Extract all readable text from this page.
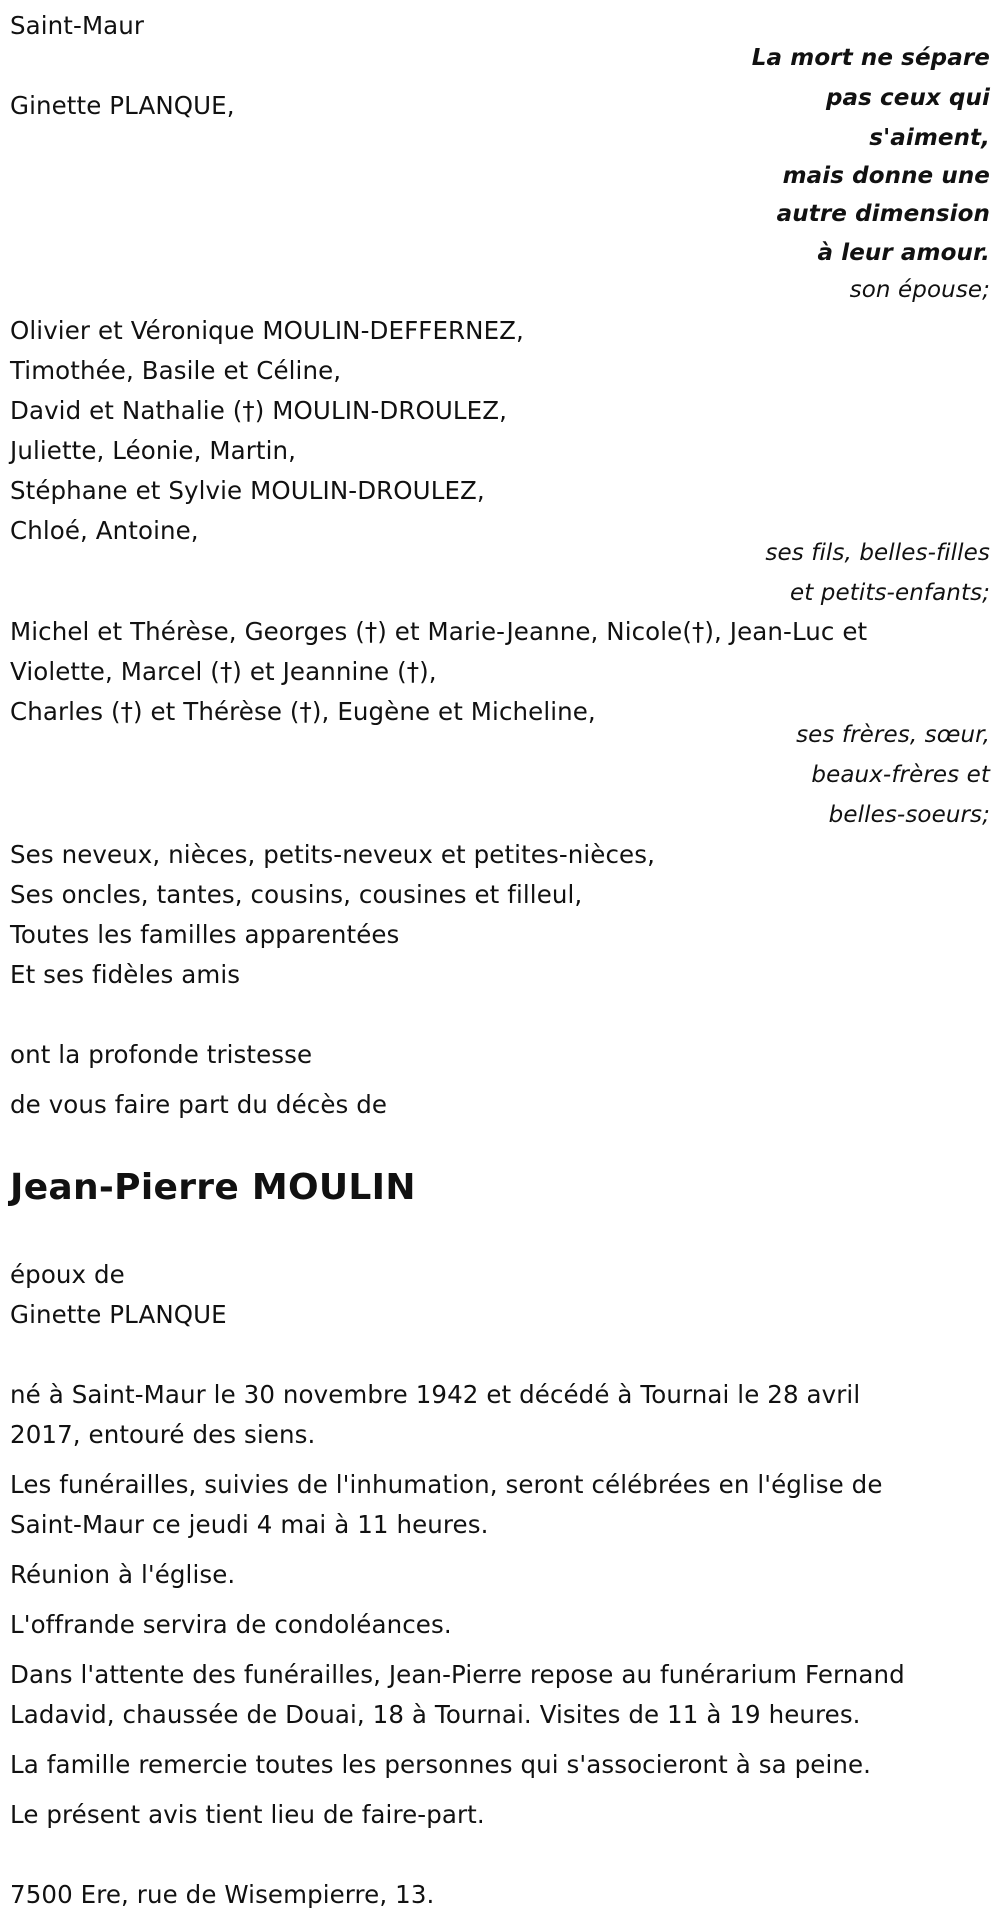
Saint-Maur
La mort ne sépare
pas ceux qui
s'aiment,
mais donne une
autre dimension
à leur amour.
son épouse;
Ginette PLANQUE,
Olivier et Véronique MOULIN-DEFFERNEZ,
Timothée, Basile et Céline,
David et Nathalie (†) MOULIN-DROULEZ,
Juliette, Léonie, Martin,
Stéphane et Sylvie MOULIN-DROULEZ,
Chloé, Antoine,
ses fils, belles-filles
et petits-enfants;
Michel et Thérèse, Georges (†) et Marie-Jeanne, Nicole(†), Jean-Luc et
Violette, Marcel (†) et Jeannine (†),
Charles (†) et Thérèse (†), Eugène et Micheline,
ses frères, sœur,
beaux-frères et
belles-soeurs;
Ses neveux, nièces, petits-neveux et petites-nièces,
Ses oncles, tantes, cousins, cousines et filleul,
Toutes les familles apparentées
Et ses fidèles amis
ont la profonde tristesse
de vous faire part du décès de
Jean-Pierre MOULIN
époux de
Ginette PLANQUE
né à Saint-Maur le 30 novembre 1942 et décédé à Tournai le 28 avril
2017, entouré des siens.
Les funérailles, suivies de l'inhumation, seront célébrées en l'église de
Saint-Maur ce jeudi 4 mai à 11 heures.
Réunion à l'église.
L'offrande servira de condoléances.
Dans l'attente des funérailles, Jean-Pierre repose au funérarium Fernand
Ladavid, chaussée de Douai, 18 à Tournai. Visites de 11 à 19 heures.
La famille remercie toutes les personnes qui s'associeront à sa peine.
Le présent avis tient lieu de faire-part.
7500 Ere, rue de Wisempierre, 13.
